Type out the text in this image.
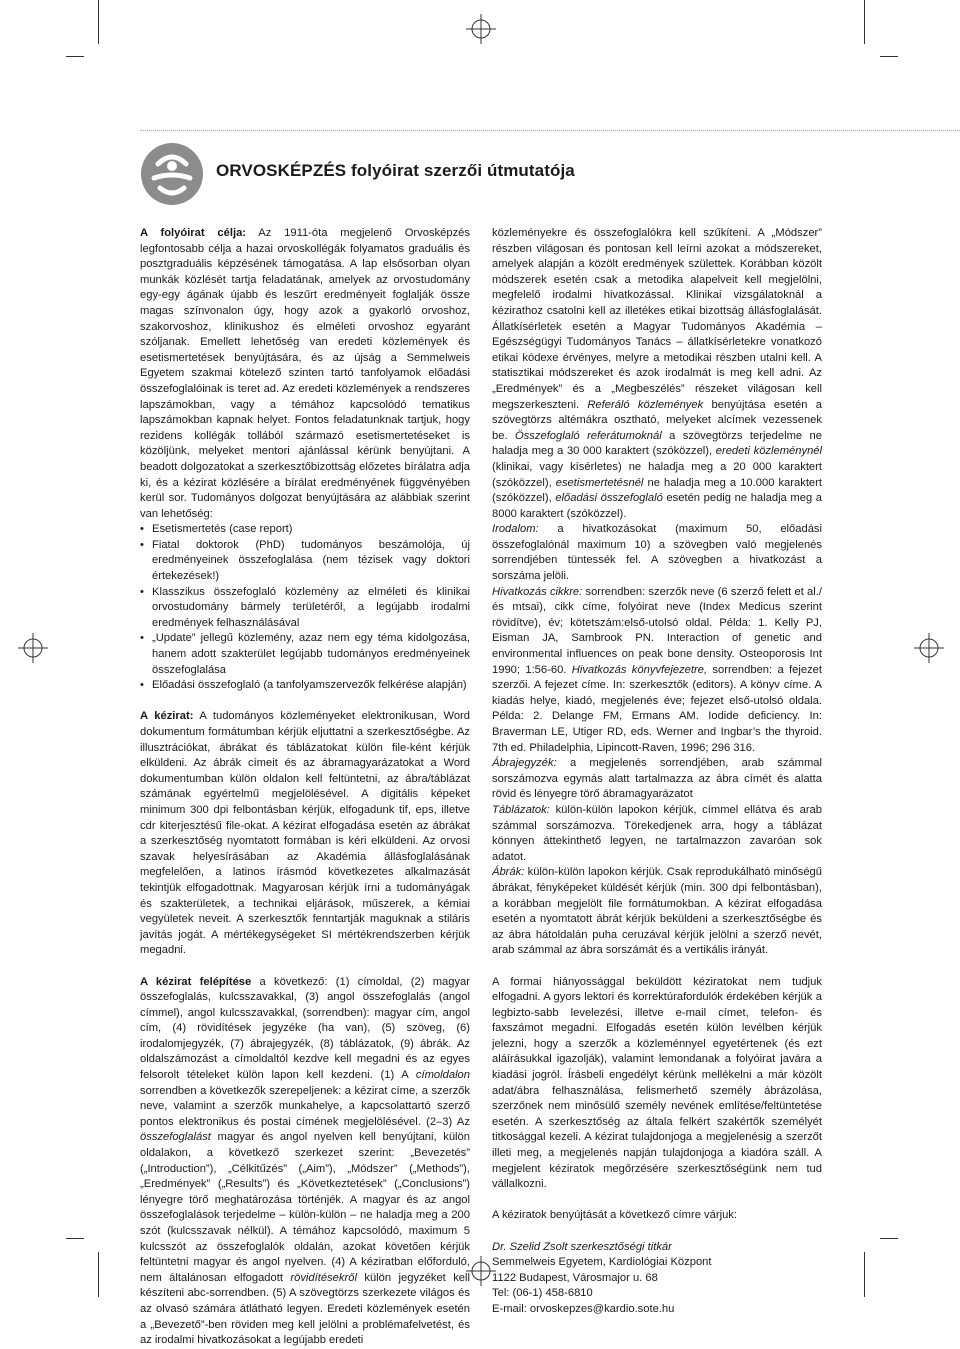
ORVOSKÉPZÉS folyóirat szerzői útmutatója

A folyóirat célja: Az 1911-óta megjelenő Orvosképzés legfontosabb célja a hazai orvoskollégák folyamatos graduális és posztgraduális képzésének támogatása. A lap elsősorban olyan munkák közlését tartja feladatának, amelyek az orvostudomány egy-egy ágának újabb és leszűrt eredményeit foglalják össze magas színvonalon úgy, hogy azok a gyakorló orvoshoz, szakorvoshoz, klinikushoz és elméleti orvoshoz egyaránt szóljanak. Emellett lehetőség van eredeti közlemények és esetismertetések benyújtására, és az újság a Semmelweis Egyetem szakmai kötelező szinten tartó tanfolyamok előadási összefoglalóinak is teret ad. Az eredeti közlemények a rendszeres lapszámokban, vagy a témához kapcsolódó tematikus lapszámokban kapnak helyet. Fontos feladatunknak tartjuk, hogy rezidens kollégák tollából származó esetismertetéseket is közöljünk, melyeket mentori ajánlással kérünk benyújtani. A beadott dolgozatokat a szerkesztőbizottság előzetes bírálatra adja ki, és a kézirat közlésére a bírálat eredményének függvényében kerül sor. Tudományos dolgozat benyújtására az alábbiak szerint van lehetőség:

• Esetismertetés (case report)
• Fiatal doktorok (PhD) tudományos beszámolója, új eredményeinek összefoglalása (nem tézisek vagy doktori értekezések!)
• Klasszikus összefoglaló közlemény az elméleti és klinikai orvostudomány bármely területéről, a legújabb irodalmi eredmények felhasználásával
• „Update” jellegű közlemény, azaz nem egy téma kidolgozása, hanem adott szakterület legújabb tudományos eredményeinek összefoglalása
• Előadási összefoglaló (a tanfolyamszervezők felkérése alapján)

A kézirat: A tudományos közleményeket elektronikusan, Word dokumentum formátumban kérjük eljuttatni a szerkesztőségbe. Az illusztrációkat, ábrákat és táblázatokat külön file-ként kérjük elküldeni. Az ábrák címeit és az ábramagyarázatokat a Word dokumentumban külön oldalon kell feltüntetni, az ábra/táblázat számának egyértelmű megjelölésével. A digitális képeket minimum 300 dpi felbontásban kérjük, elfogadunk tif, eps, illetve cdr kiterjesztésű file-okat. A kézirat elfogadása esetén az ábrákat a szerkesztőség nyomtatott formában is kéri elküldeni. Az orvosi szavak helyesírásában az Akadémia állásfoglalásának megfelelően, a latinos írásmód következetes alkalmazását tekintjük elfogadottnak. Magyarosan kérjük írni a tudományágak és szakterületek, a technikai eljárások, műszerek, a kémiai vegyületek neveit. A szerkesztők fenntartják maguknak a stiláris javítás jogát. A mértékegységeket SI mértékrendszerben kérjük megadni.

A kézirat felépítése a következő: (1) címoldal, (2) magyar összefoglalás, kulcsszavakkal, (3) angol összefoglalás (angol címmel), angol kulcsszavakkal, (sorrendben): magyar cím, angol cím, (4) rövidítések jegyzéke (ha van), (5) szöveg, (6) irodalomjegyzék, (7) ábrajegyzék, (8) táblázatok, (9) ábrák. Az oldalszámozást a címoldaltól kezdve kell megadni és az egyes felsorolt tételeket külön lapon kell kezdeni. (1) A címoldalon sorrendben a következők szerepeljenek: a kézirat címe, a szerzők neve, valamint a szerzők munkahelye, a kapcsolattartó szerző pontos elektronikus és postai címének megjelölésével. (2–3) Az összefoglalást magyar és angol nyelven kell benyújtani, külön oldalakon, a következő szerkezet szerint: „Bevezetés” („Introduction”), „Célkitűzés” („Aim”), „Módszer” („Methods”), „Eredmények” („Results”) és „Következtetések” („Conclusions”) lényegre törő meghatározása történjék. A magyar és az angol összefoglalások terjedelme – külön-külön – ne haladja meg a 200 szót (kulcsszavak nélkül). A témához kapcsolódó, maximum 5 kulcsszót az összefoglalók oldalán, azokat követően kérjük feltüntetni magyar és angol nyelven. (4) A kéziratban előforduló, nem általánosan elfogadott rövidítésekről külön jegyzéket kell készíteni abc-sorrendben. (5) A szövegtörzs szerkezete világos és az olvasó számára átlátható legyen. Eredeti közlemények esetén a „Bevezető”-ben röviden meg kell jelölni a problémafelvetést, és az irodalmi hivatkozásokat a legújabb eredeti

közleményekre és összefoglalókra kell szűkíteni. A „Módszer” részben világosan és pontosan kell leírni azokat a módszereket, amelyek alapján a közölt eredmények születtek. Korábban közölt módszerek esetén csak a metodika alapelveit kell megjelölni, megfelelő irodalmi hivatkozással. Klinikai vizsgálatoknál a kézirathoz csatolni kell az illetékes etikai bizottság állásfoglalását. Állatkísérletek esetén a Magyar Tudományos Akadémia – Egészségügyi Tudományos Tanács – állatkísérletekre vonatkozó etikai kódexe érvényes, melyre a metodikai részben utalni kell. A statisztikai módszereket és azok irodalmát is meg kell adni. Az „Eredmények” és a „Megbeszélés” részeket világosan kell megszerkeszteni. Referáló közlemények benyújtása esetén a szövegtörzs altémákra osztható, melyeket alcímek vezessenek be. Összefoglaló referátumoknál a szövegtörzs terjedelme ne haladja meg a 30 000 karaktert (szóközzel), eredeti közleménynél (klinikai, vagy kísérletes) ne haladja meg a 20 000 karaktert (szóközzel), esetismertetésnél ne haladja meg a 10.000 karaktert (szóközzel), előadási összefoglaló esetén pedig ne haladja meg a 8000 karaktert (szóközzel).

Irodalom: a hivatkozásokat (maximum 50, előadási összefoglalónál maximum 10) a szövegben való megjelenés sorrendjében tüntessék fel. A szövegben a hivatkozást a sorszáma jelöli.

Hivatkozás cikkre: sorrendben: szerzők neve (6 szerző felett et al./és mtsai), cikk címe, folyóirat neve (Index Medicus szerint rövidítve), év; kötetszám:első-utolsó oldal. Példa: 1. Kelly PJ, Eisman JA, Sambrook PN. Interaction of genetic and environmental influences on peak bone density. Osteoporosis Int 1990; 1:56-60. Hivatkozás könyvfejezetre, sorrendben: a fejezet szerzői. A fejezet címe. In: szerkesztők (editors). A könyv címe. A kiadás helye, kiadó, megjelenés éve; fejezet első-utolsó oldala. Példa: 2. Delange FM, Ermans AM. Iodide deficiency. In: Braverman LE, Utiger RD, eds. Werner and Ingbar’s the thyroid. 7th ed. Philadelphia, Lipincott-Raven, 1996; 296 316.

Ábrajegyzék: a megjelenés sorrendjében, arab számmal sorszámozva egymás alatt tartalmazza az ábra címét és alatta rövid és lényegre törő ábramagyarázatot

Táblázatok: külön-külön lapokon kérjük, címmel ellátva és arab számmal sorszámozva. Törekedjenek arra, hogy a táblázat könnyen áttekinthető legyen, ne tartalmazzon zavaróan sok adatot.

Ábrák: külön-külön lapokon kérjük. Csak reprodukálható minőségű ábrákat, fényképeket küldését kérjük (min. 300 dpi felbontásban), a korábban megjelölt file formátumokban. A kézirat elfogadása esetén a nyomtatott ábrát kérjük beküldeni a szerkesztőségbe és az ábra hátoldalán puha ceruzával kérjük jelölni a szerző nevét, arab számmal az ábra sorszámát és a vertikális irányát.

A formai hiányossággal beküldött kéziratokat nem tudjuk elfogadni. A gyors lektori és korrektúrafordulók érdekében kérjük a legbizto-sabb levelezési, illetve e-mail címet, telefon- és faxszámot megadni. Elfogadás esetén külön levélben kérjük jelezni, hogy a szerzők a közleménnyel egyetértenek (és ezt aláírásukkal igazolják), valamint lemondanak a folyóirat javára a kiadási jogról. Írásbeli engedélyt kérünk mellékelni a már közölt adat/ábra felhasználása, felismerhető személy ábrázolása, szerzőnek nem minősülő személy nevének említése/feltüntetése esetén. A szerkesztőség az általa felkért szakértők személyét titkosággal kezeli. A kézirat tulajdonjoga a megjelenésig a szerzőt illeti meg, a megjelenés napján tulajdonjoga a kiadóra száll. A megjelent kéziratok megőrzésére szerkesztőségünk nem tud vállalkozni.

A kéziratok benyújtását a következő címre várjuk:

Dr. Szelid Zsolt szerkesztőségi titkár

Semmelweis Egyetem, Kardiológiai Központ

1122 Budapest, Városmajor u. 68

Tel: (06-1) 458-6810

E-mail: orvoskepzes@kardio.sote.hu
